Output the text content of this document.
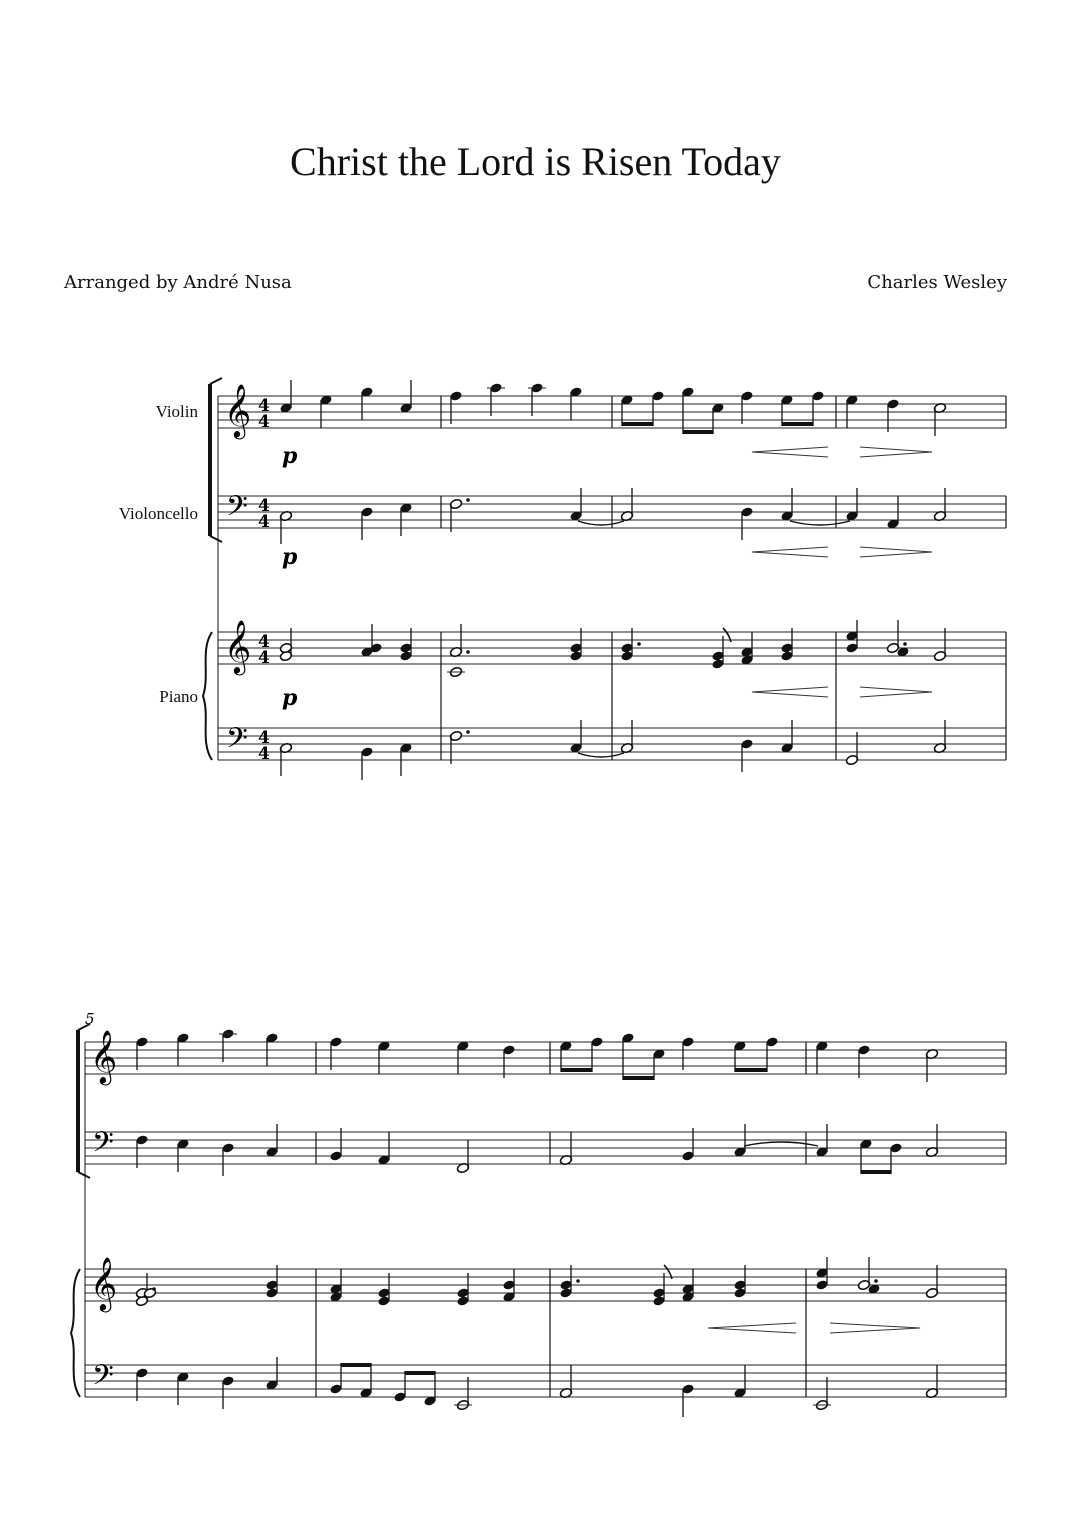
Christ the Lord is Risen Today
Arranged by André Nusa	Charles Wesley
Violin
Violoncello
Piano
𝄞
𝄞
𝄢
𝄢
4
4
4
4
4
4
4
4
p
p
p
5
𝄞
𝄞
𝄢
𝄢
